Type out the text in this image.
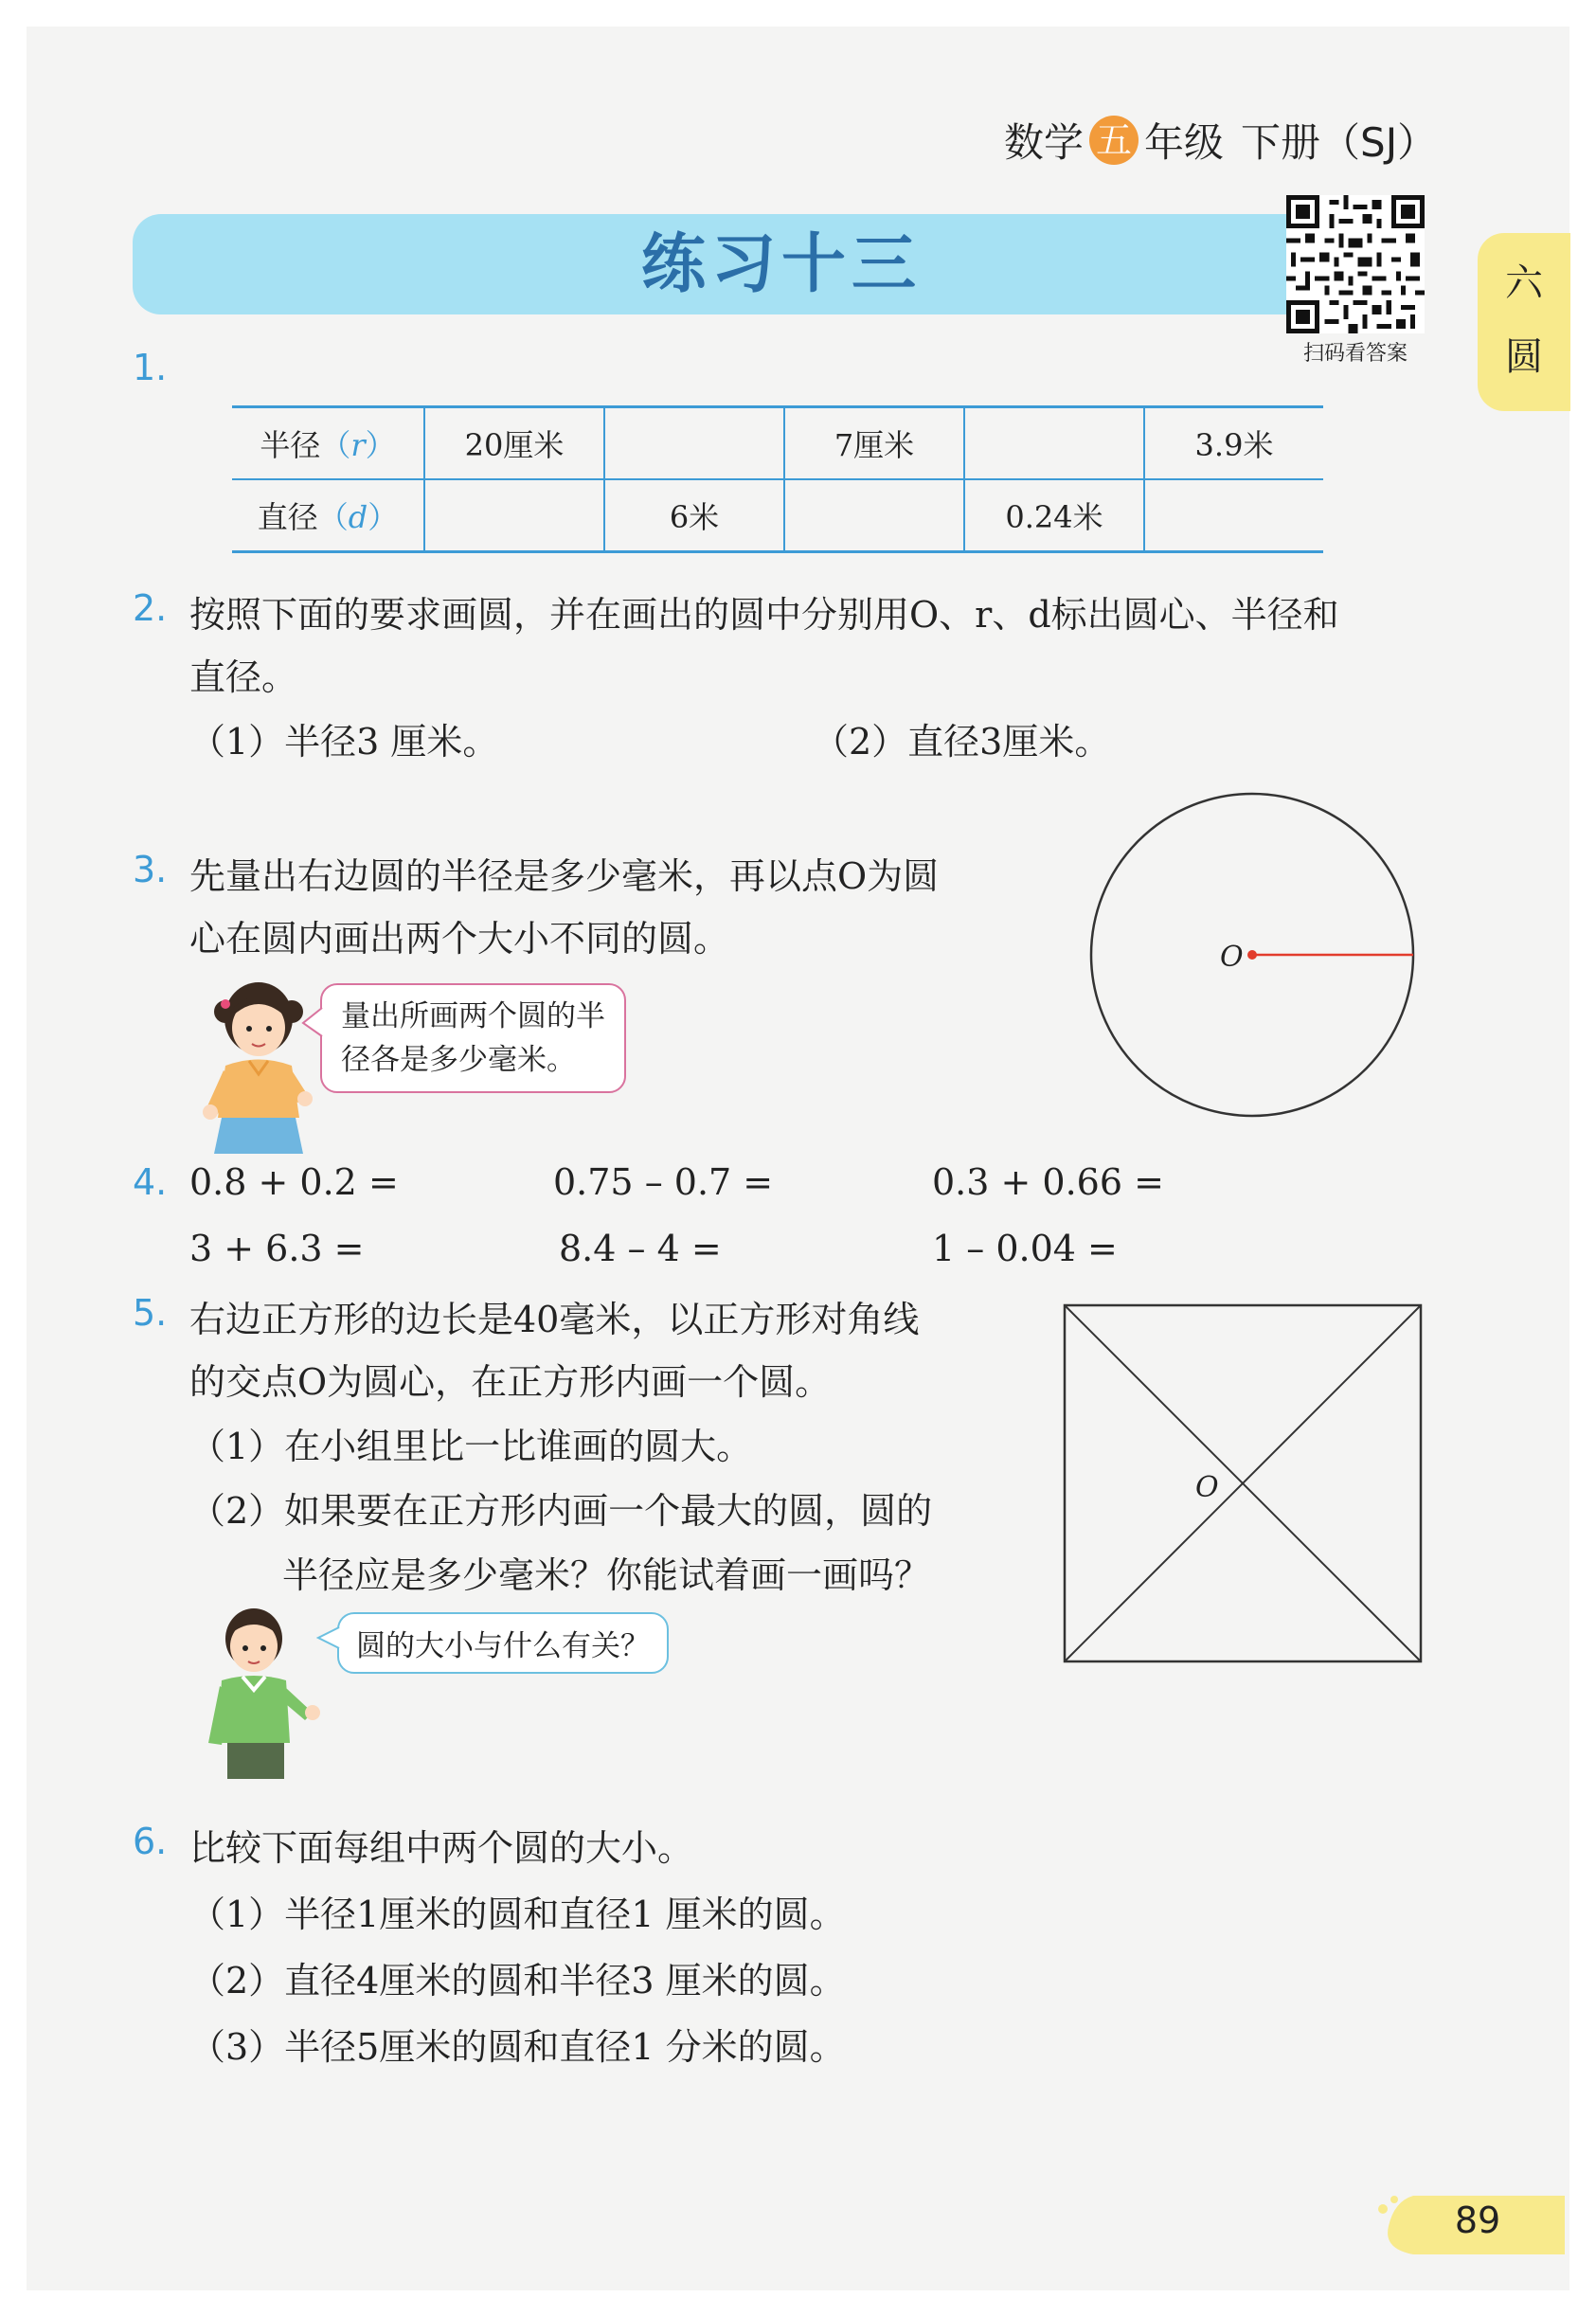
数学 五 年级 下册（SJ）
练习十三
扫码看答案
六
圆
1.
半径（r）	20厘米		7厘米		3.9米
直径（d）		6米		0.24米	
2. 按照下面的要求画圆，并在画出的圆中分别用O、r、d标出圆心、半径和
直径。
（1）半径3 厘米。	（2）直径3厘米。
3. 先量出右边圆的半径是多少毫米，再以点O为圆
心在圆内画出两个大小不同的圆。
量出所画两个圆的半
径各是多少毫米。
O
4. 0.8 + 0.2 =	0.75 – 0.7 =	0.3 + 0.66 =
3 + 6.3 =	8.4 – 4 =	1 – 0.04 =
5. 右边正方形的边长是40毫米，以正方形对角线
的交点O为圆心，在正方形内画一个圆。
（1）在小组里比一比谁画的圆大。
（2）如果要在正方形内画一个最大的圆，圆的
半径应是多少毫米？你能试着画一画吗？
圆的大小与什么有关？
O
6. 比较下面每组中两个圆的大小。
（1）半径1厘米的圆和直径1 厘米的圆。
（2）直径4厘米的圆和半径3 厘米的圆。
（3）半径5厘米的圆和直径1 分米的圆。
89
